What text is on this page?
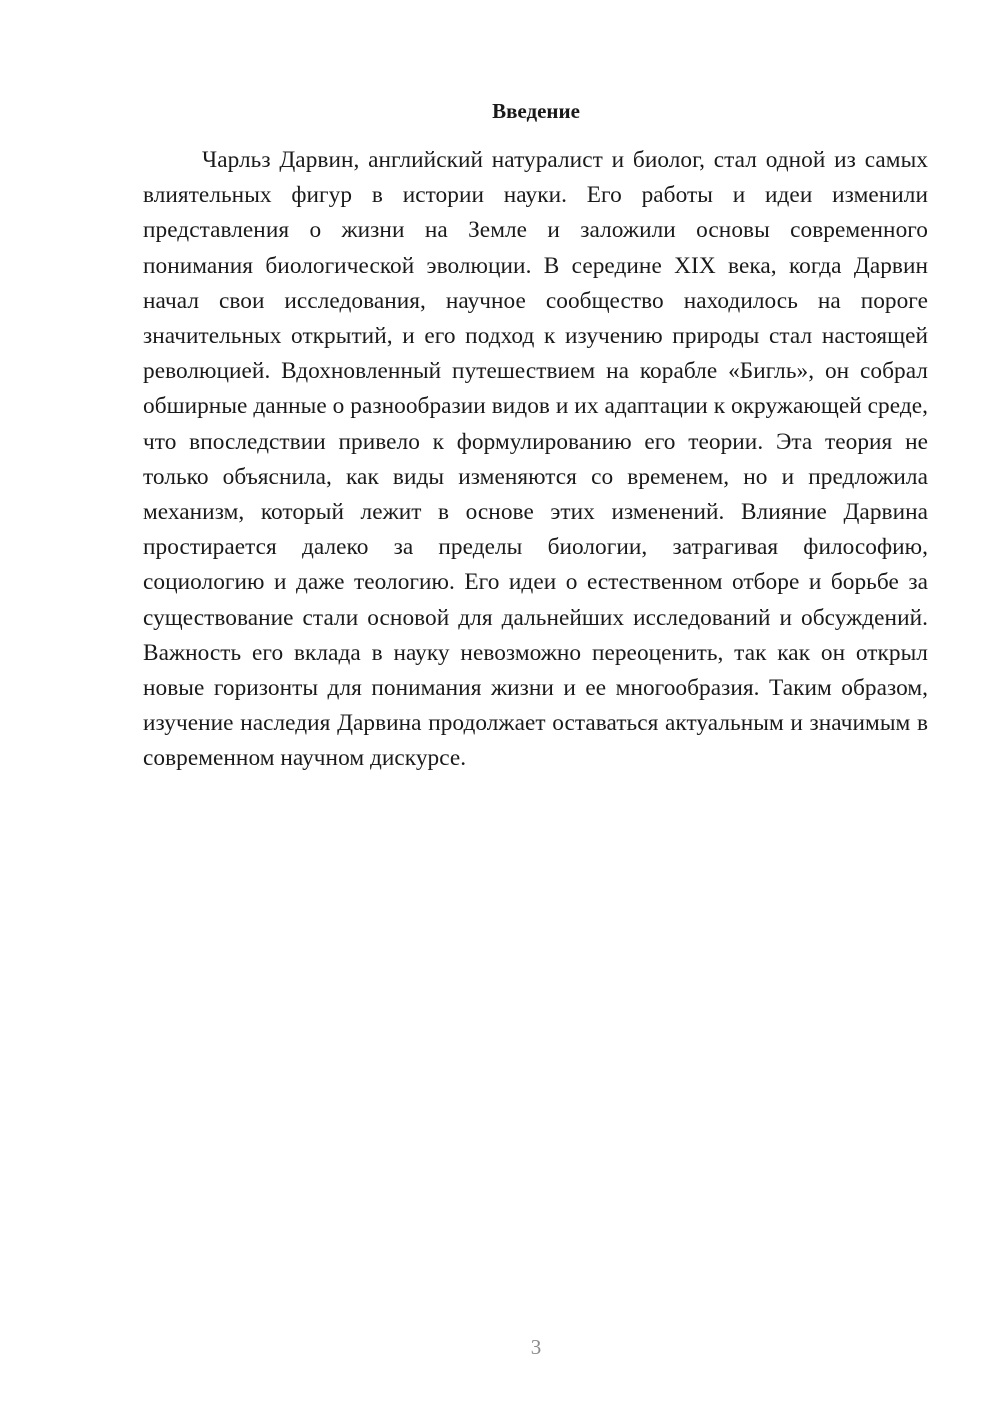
Введение

Чарльз Дарвин, английский натуралист и биолог, стал одной из самых влиятельных фигур в истории науки. Его работы и идеи изменили представления о жизни на Земле и заложили основы современного понимания биологической эволюции. В середине XIX века, когда Дарвин начал свои исследования, научное сообщество находилось на пороге значительных открытий, и его подход к изучению природы стал настоящей революцией. Вдохновленный путешествием на корабле «Бигль», он собрал обширные данные о разнообразии видов и их адаптации к окружающей среде, что впоследствии привело к формулированию его теории. Эта теория не только объяснила, как виды изменяются со временем, но и предложила механизм, который лежит в основе этих изменений. Влияние Дарвина простирается далеко за пределы биологии, затрагивая философию, социологию и даже теологию. Его идеи о естественном отборе и борьбе за существование стали основой для дальнейших исследований и обсуждений. Важность его вклада в науку невозможно переоценить, так как он открыл новые горизонты для понимания жизни и ее многообразия. Таким образом, изучение наследия Дарвина продолжает оставаться актуальным и значимым в современном научном дискурсе.

3
